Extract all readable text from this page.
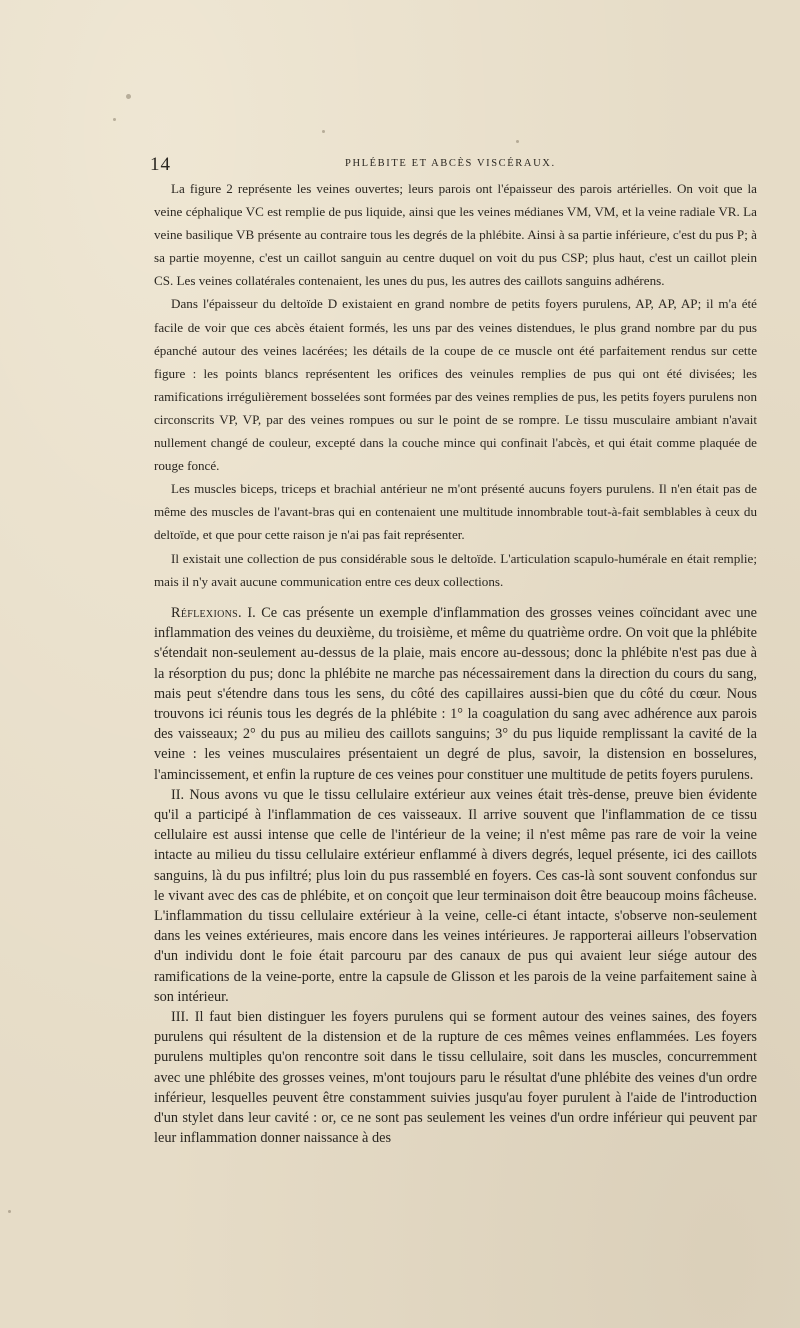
14	PHLÉBITE ET ABCÈS VISCÉRAUX.

La figure 2 représente les veines ouvertes; leurs parois ont l'épaisseur des parois artérielles. On voit que la veine céphalique VC est remplie de pus liquide, ainsi que les veines médianes VM, VM, et la veine radiale VR. La veine basilique VB présente au contraire tous les degrés de la phlébite. Ainsi à sa partie inférieure, c'est du pus P; à sa partie moyenne, c'est un caillot sanguin au centre duquel on voit du pus CSP; plus haut, c'est un caillot plein CS. Les veines collatérales contenaient, les unes du pus, les autres des caillots sanguins adhérens.

Dans l'épaisseur du deltoïde D existaient en grand nombre de petits foyers purulens, AP, AP, AP; il m'a été facile de voir que ces abcès étaient formés, les uns par des veines distendues, le plus grand nombre par du pus épanché autour des veines lacérées; les détails de la coupe de ce muscle ont été parfaitement rendus sur cette figure : les points blancs représentent les orifices des veinules remplies de pus qui ont été divisées; les ramifications irrégulièrement bosselées sont formées par des veines remplies de pus, les petits foyers purulens non circonscrits VP, VP, par des veines rompues ou sur le point de se rompre. Le tissu musculaire ambiant n'avait nullement changé de couleur, excepté dans la couche mince qui confinait l'abcès, et qui était comme plaquée de rouge foncé.

Les muscles biceps, triceps et brachial antérieur ne m'ont présenté aucuns foyers purulens. Il n'en était pas de même des muscles de l'avant-bras qui en contenaient une multitude innombrable tout-à-fait semblables à ceux du deltoïde, et que pour cette raison je n'ai pas fait représenter.

Il existait une collection de pus considérable sous le deltoïde. L'articulation scapulo-humérale en était remplie; mais il n'y avait aucune communication entre ces deux collections.

Réflexions. I. Ce cas présente un exemple d'inflammation des grosses veines coïncidant avec une inflammation des veines du deuxième, du troisième, et même du quatrième ordre. On voit que la phlébite s'étendait non-seulement au-dessus de la plaie, mais encore au-dessous; donc la phlébite n'est pas due à la résorption du pus; donc la phlébite ne marche pas nécessairement dans la direction du cours du sang, mais peut s'étendre dans tous les sens, du côté des capillaires aussi-bien que du côté du cœur. Nous trouvons ici réunis tous les degrés de la phlébite : 1° la coagulation du sang avec adhérence aux parois des vaisseaux; 2° du pus au milieu des caillots sanguins; 3° du pus liquide remplissant la cavité de la veine : les veines musculaires présentaient un degré de plus, savoir, la distension en bosselures, l'amincissement, et enfin la rupture de ces veines pour constituer une multitude de petits foyers purulens.

II. Nous avons vu que le tissu cellulaire extérieur aux veines était très-dense, preuve bien évidente qu'il a participé à l'inflammation de ces vaisseaux. Il arrive souvent que l'inflammation de ce tissu cellulaire est aussi intense que celle de l'intérieur de la veine; il n'est même pas rare de voir la veine intacte au milieu du tissu cellulaire extérieur enflammé à divers degrés, lequel présente, ici des caillots sanguins, là du pus infiltré; plus loin du pus rassemblé en foyers. Ces cas-là sont souvent confondus sur le vivant avec des cas de phlébite, et on conçoit que leur terminaison doit être beaucoup moins fâcheuse. L'inflammation du tissu cellulaire extérieur à la veine, celle-ci étant intacte, s'observe non-seulement dans les veines extérieures, mais encore dans les veines intérieures. Je rapporterai ailleurs l'observation d'un individu dont le foie était parcouru par des canaux de pus qui avaient leur siége autour des ramifications de la veine-porte, entre la capsule de Glisson et les parois de la veine parfaitement saine à son intérieur.

III. Il faut bien distinguer les foyers purulens qui se forment autour des veines saines, des foyers purulens qui résultent de la distension et de la rupture de ces mêmes veines enflammées. Les foyers purulens multiples qu'on rencontre soit dans le tissu cellulaire, soit dans les muscles, concurremment avec une phlébite des grosses veines, m'ont toujours paru le résultat d'une phlébite des veines d'un ordre inférieur, lesquelles peuvent être constamment suivies jusqu'au foyer purulent à l'aide de l'introduction d'un stylet dans leur cavité : or, ce ne sont pas seulement les veines d'un ordre inférieur qui peuvent par leur inflammation donner naissance à des
